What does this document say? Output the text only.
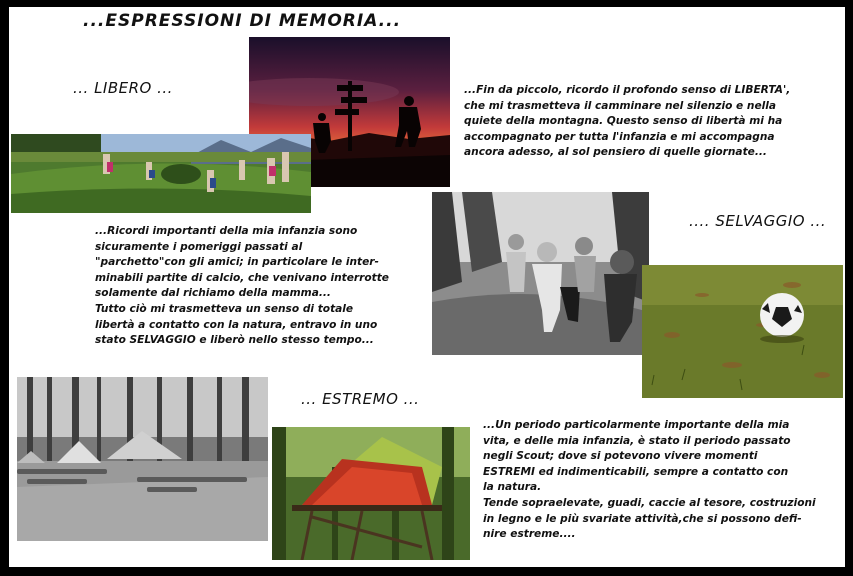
...ESPRESSIONI DI MEMORIA...
... LIBERO ...	...Fin da piccolo, ricordo il profondo senso di LIBERTA',

che mi trasmetteva il camminare nel silenzio e nella

quiete della montagna. Questo senso di libertà mi ha

accompagnato per tutta l'infanzia e mi accompagna

ancora adesso, al sol pensiero di quelle giornate...

.... SELVAGGIO ...

...Ricordi importanti della mia infanzia sono

sicuramente i pomeriggi passati al

"parchetto"con gli amici; in particolare le inter-

minabili partite di calcio, che venivano interrotte

solamente dal richiamo della mamma...

Tutto ciò mi trasmetteva un senso di totale

libertà a contatto con la natura, entravo in uno

stato SELVAGGIO e liberò nello stesso tempo...

... ESTREMO ...

...Un periodo particolarmente importante della mia

vita, e delle mia infanzia, è stato il periodo passato

negli Scout; dove si potevono vivere momenti

ESTREMI ed indimenticabili, sempre a contatto con

la natura.

Tende sopraelevate, guadi, caccie al tesore, costruzioni

in legno e le più svariate attività,che si possono defi-

nire estreme....
